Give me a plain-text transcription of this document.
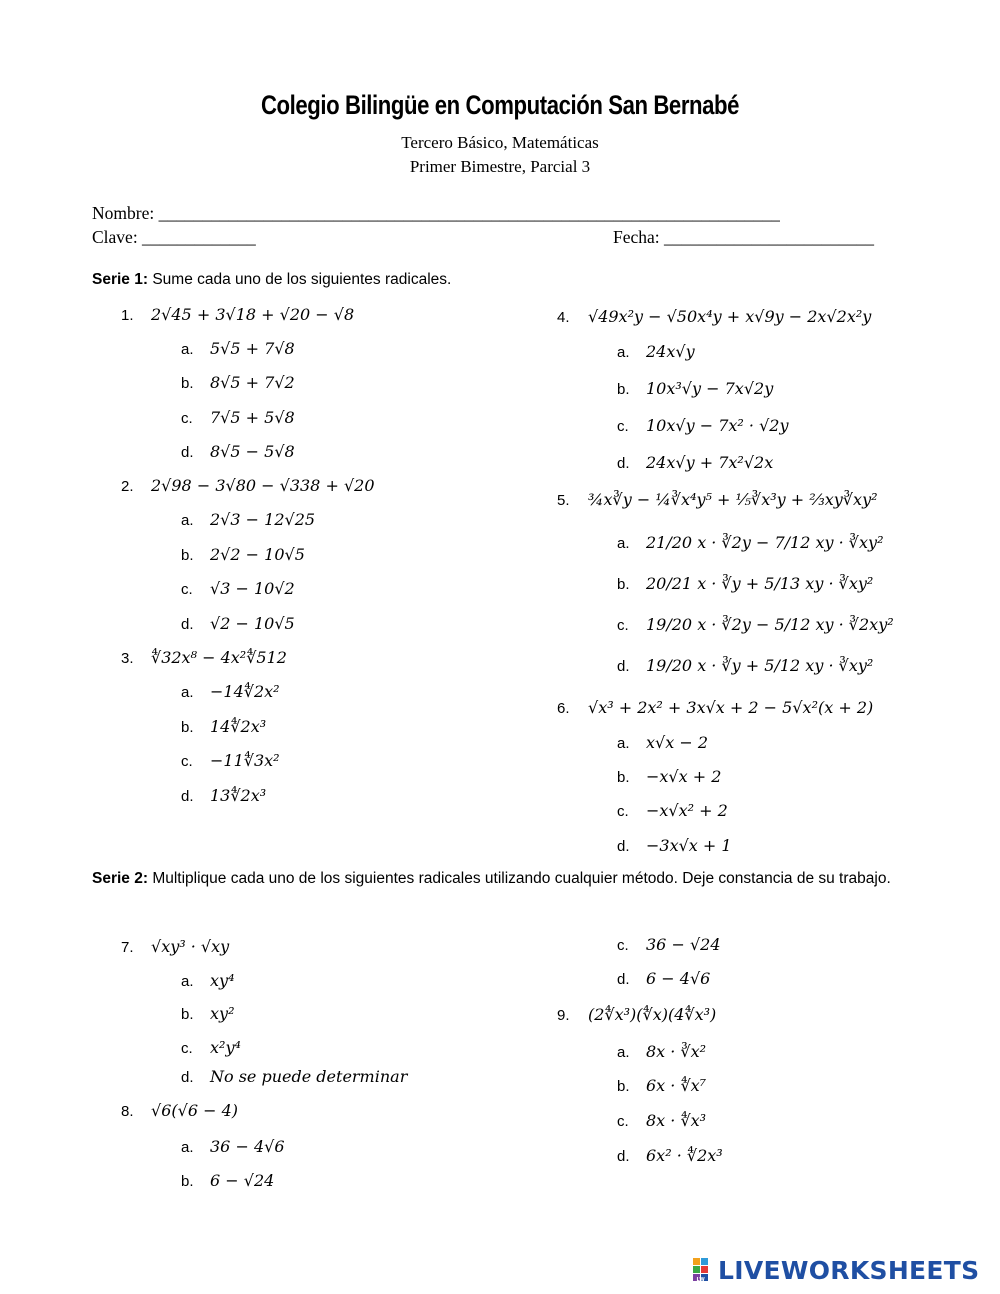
Colegio Bilingüe en Computación San Bernabé
Tercero Básico, Matemáticas
Primer Bimestre, Parcial 3
Nombre: _______________________________________________________________________
Clave: _____________	Fecha: ________________________
Serie 1: Sume cada uno de los siguientes radicales.
1. 2√45 + 3√18 + √20 − √8
a. 5√5 + 7√8
b. 8√5 + 7√2
c. 7√5 + 5√8
d. 8√5 − 5√8
2. 2√98 − 3√80 − √338 + √20
a. 2√3 − 12√25
b. 2√2 − 10√5
c. √3 − 10√2
d. √2 − 10√5
3. ∜32x⁸ − 4x²∜512
a. −14∜2x²
b. 14∜2x³
c. −11∜3x²
d. 13∜2x³
4. √49x²y − √50x⁴y + x√9y − 2x√2x²y
a. 24x√y
b. 10x³√y − 7x√2y
c. 10x√y − 7x² · √2y
d. 24x√y + 7x²√2x
5. ¾x∛y − ¼∛x⁴y⁵ + ⅕∛x³y + ⅔xy∛xy²
a. 21/20 x · ∛2y − 7/12 xy · ∛xy²
b. 20/21 x · ∛y + 5/13 xy · ∛xy²
c. 19/20 x · ∛2y − 5/12 xy · ∛2xy²
d. 19/20 x · ∛y + 5/12 xy · ∛xy²
6. √x³ + 2x² + 3x√x + 2 − 5√x²(x + 2)
a. x√x − 2
b. −x√x + 2
c. −x√x² + 2
d. −3x√x + 1
7. √xy³ · √xy
a. xy⁴
b. xy²
c. x²y⁴
d. No se puede determinar
8. √6(√6 − 4)
a. 36 − 4√6
b. 6 − √24
c. 36 − √24
d. 6 − 4√6
9. (2∜x³)(∜x)(4∜x³)
a. 8x · ∛x²
b. 6x · ∜x⁷
c. 8x · ∜x³
d. 6x² · ∜2x³
Serie 2: Multiplique cada uno de los siguientes radicales utilizando cualquier método. Deje constancia de su trabajo.
LW LIVEWORKSHEETS
